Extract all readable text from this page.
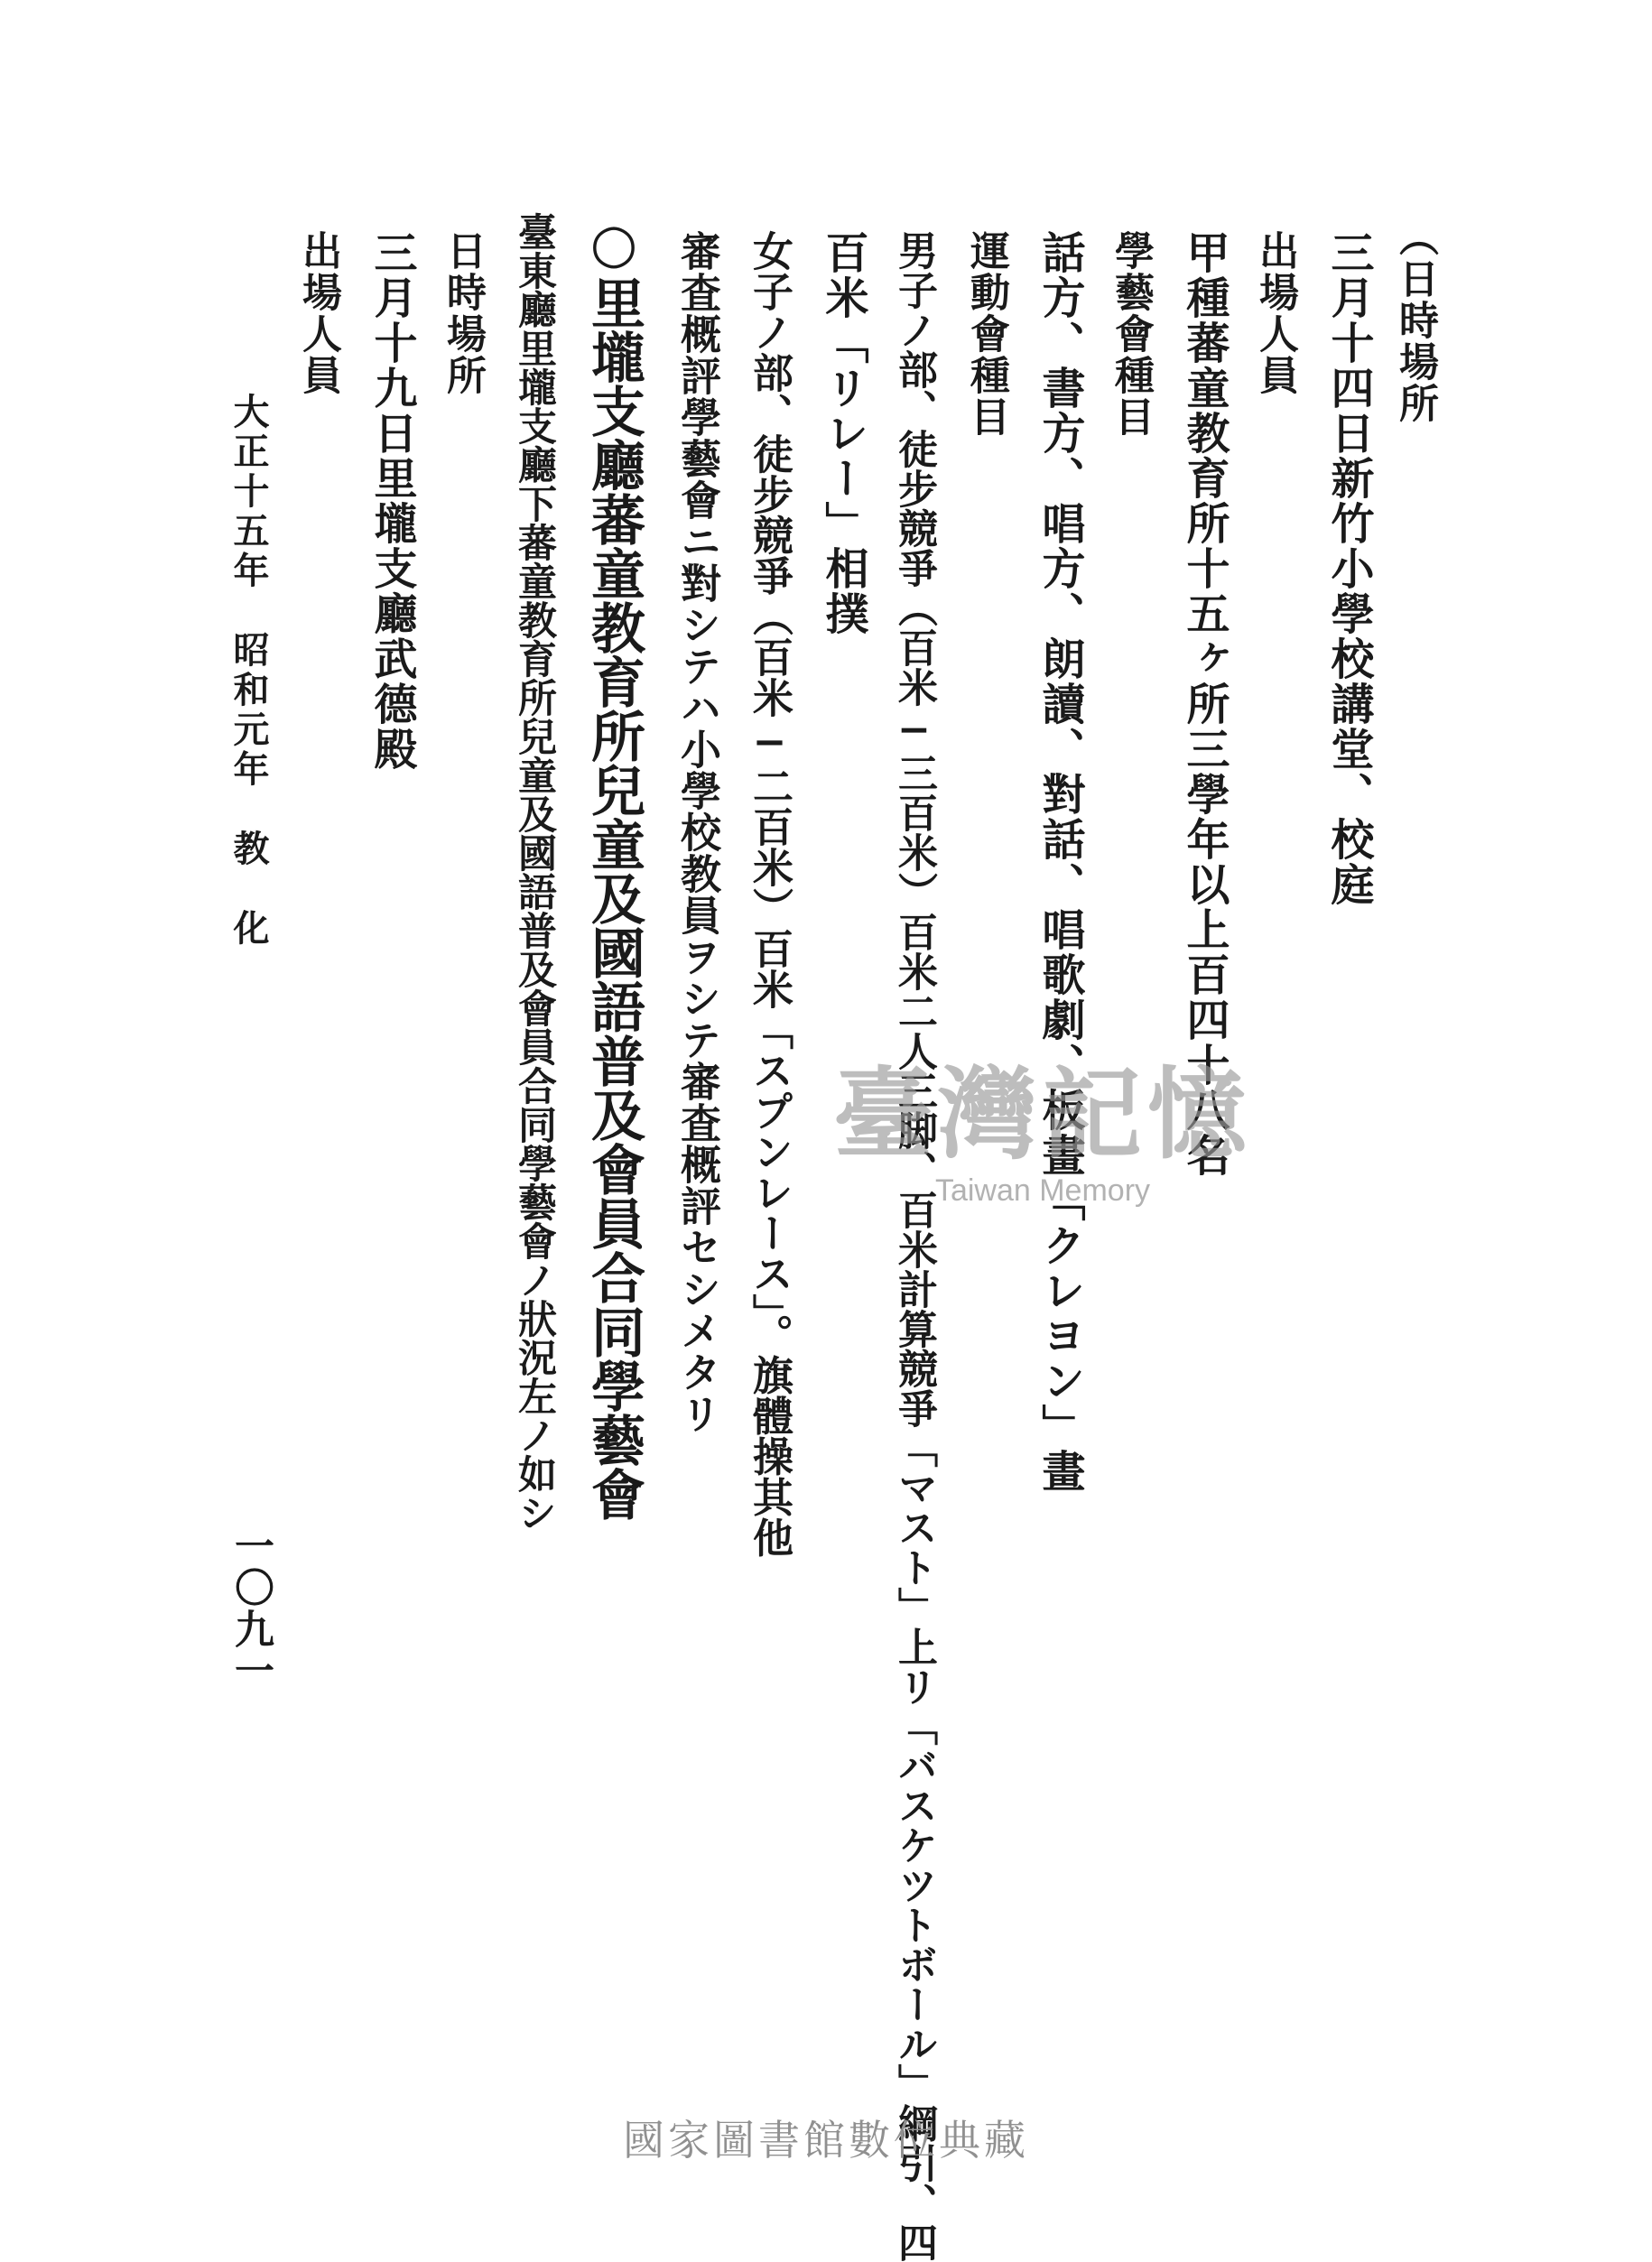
（日時場所
三月十四日新竹小學校講堂、校庭
出場人員
甲種蕃童教育所十五ヶ所三學年以上百四十八名
學藝會種目
話方、書方、唱方、朗讀、對話、唱歌劇、板畫「クレヨン」畫
運動會種目
男子ノ部、徒步競爭（百米−三百米）百米二人三脚、百米計算競爭「マスト」上リ「バスケツトボール」綱引、四
百米「リレー」相撲
女子ノ部、徒步競爭（百米−二百米）百米「スプンレース」。旗體操其他
審査概評學藝會ニ對シテハ小學校教員ヲシテ審査概評セシメタリ
○里壠支廳蕃童教育所兒童及國語普及會員合同學藝會
臺東廳里壠支廳下蕃童教育所兒童及國語普及會員合同學藝會ノ狀況左ノ如シ
日時場所
三月十九日里壠支廳武德殿
出場人員
大正十五年　昭和元年　教　化
一〇九一
臺灣記憶
Taiwan Memory
國家圖書館數位典藏
